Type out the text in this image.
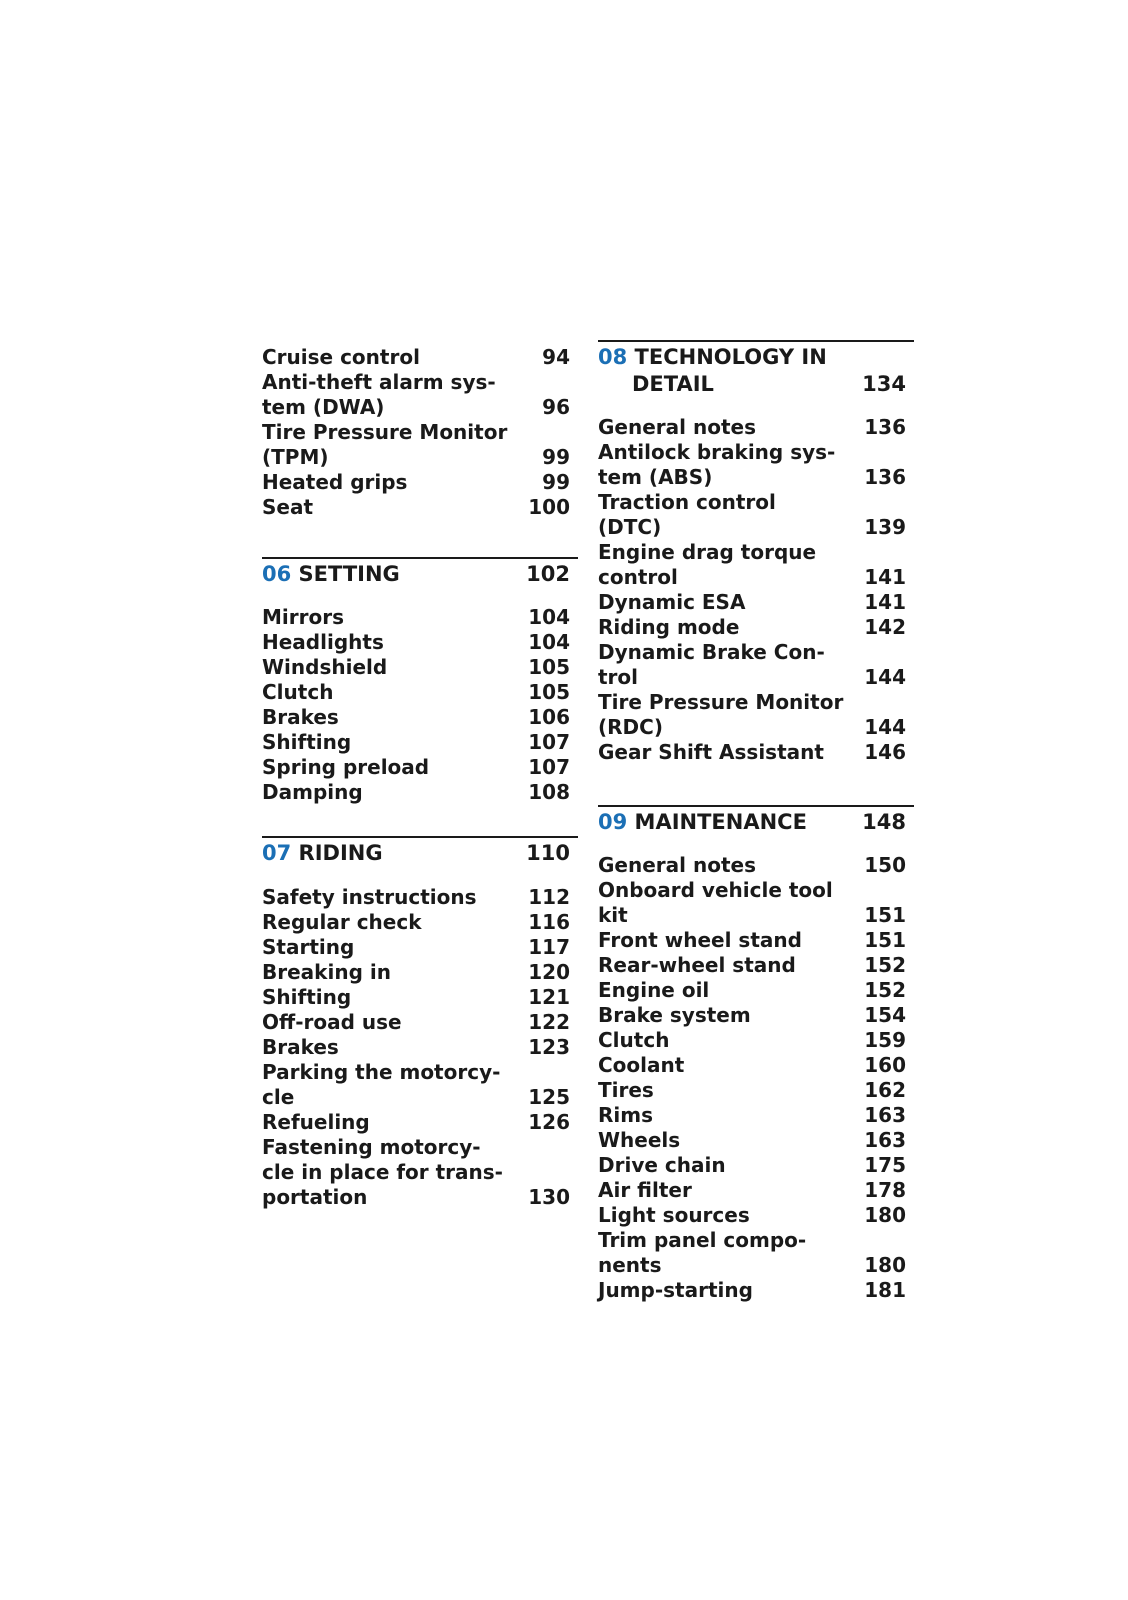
Cruise control	94
Anti-theft alarm sys-
tem (DWA)	96
Tire Pressure Monitor
(TPM)	99
Heated grips	99
Seat	100
06 SETTING	102
Mirrors	104
Headlights	104
Windshield	105
Clutch	105
Brakes	106
Shifting	107
Spring preload	107
Damping	108
07 RIDING	110
Safety instructions	112
Regular check	116
Starting	117
Breaking in	120
Shifting	121
Off-road use	122
Brakes	123
Parking the motorcy-
cle	125
Refueling	126
Fastening motorcy-
cle in place for trans-
portation	130
08 TECHNOLOGY IN
DETAIL	134
General notes	136
Antilock braking sys-
tem (ABS)	136
Traction control
(DTC)	139
Engine drag torque
control	141
Dynamic ESA	141
Riding mode	142
Dynamic Brake Con-
trol	144
Tire Pressure Monitor
(RDC)	144
Gear Shift Assistant	146
09 MAINTENANCE	148
General notes	150
Onboard vehicle tool
kit	151
Front wheel stand	151
Rear-wheel stand	152
Engine oil	152
Brake system	154
Clutch	159
Coolant	160
Tires	162
Rims	163
Wheels	163
Drive chain	175
Air filter	178
Light sources	180
Trim panel compo-
nents	180
Jump-starting	181
